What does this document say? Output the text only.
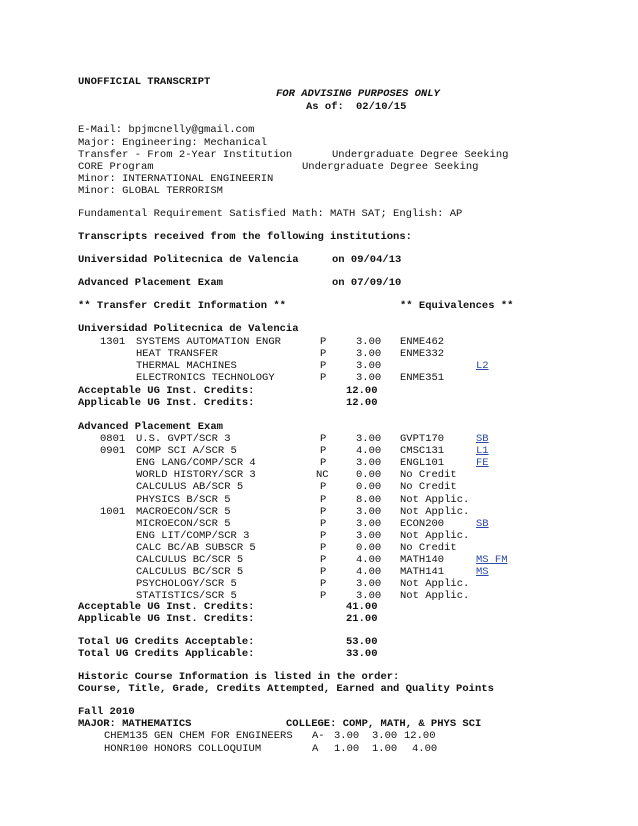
UNOFFICIAL TRANSCRIPT
FOR ADVISING PURPOSES ONLY
As of: 02/10/15
E-Mail: bpjmcnelly@gmail.com
Major: Engineering: Mechanical
Transfer - From 2-Year Institution	Undergraduate Degree Seeking
CORE Program	Undergraduate Degree Seeking
Minor: INTERNATIONAL ENGINEERIN
Minor: GLOBAL TERRORISM
Fundamental Requirement Satisfied Math: MATH SAT; English: AP
Transcripts received from the following institutions:
Universidad Politecnica de Valencia	on 09/04/13
Advanced Placement Exam	on 07/09/10
** Transfer Credit Information **	** Equivalences **
Universidad Politecnica de Valencia
1301 SYSTEMS AUTOMATION ENGR	P	3.00 ENME462
HEAT TRANSFER	P	3.00 ENME332
THERMAL MACHINES	P	3.00	L2
ELECTRONICS TECHNOLOGY	P	3.00 ENME351
Acceptable UG Inst. Credits:	12.00
Applicable UG Inst. Credits:	12.00
Advanced Placement Exam
0801 U.S. GVPT/SCR 3	P	3.00 GVPT170	SB
0901 COMP SCI A/SCR 5	P	4.00 CMSC131	L1
ENG LANG/COMP/SCR 4	P	3.00 ENGL101	FE
WORLD HISTORY/SCR 3	NC	0.00 No Credit
CALCULUS AB/SCR 5	P	0.00 No Credit
PHYSICS B/SCR 5	P	8.00 Not Applic.
1001 MACROECON/SCR 5	P	3.00 Not Applic.
MICROECON/SCR 5	P	3.00 ECON200	SB
ENG LIT/COMP/SCR 3	P	3.00 Not Applic.
CALC BC/AB SUBSCR 5	P	0.00 No Credit
CALCULUS BC/SCR 5	P	4.00 MATH140	MS FM
CALCULUS BC/SCR 5	P	4.00 MATH141	MS
PSYCHOLOGY/SCR 5	P	3.00 Not Applic.
STATISTICS/SCR 5	P	3.00 Not Applic.
Acceptable UG Inst. Credits:	41.00
Applicable UG Inst. Credits:	21.00
Total UG Credits Acceptable:	53.00
Total UG Credits Applicable:	33.00
Historic Course Information is listed in the order:
Course, Title, Grade, Credits Attempted, Earned and Quality Points
Fall 2010
MAJOR: MATHEMATICS	COLLEGE: COMP, MATH, & PHYS SCI
CHEM135 GEN CHEM FOR ENGINEERS A- 3.00 3.00 12.00
HONR100 HONORS COLLOQUIUM	A 1.00 1.00 4.00
